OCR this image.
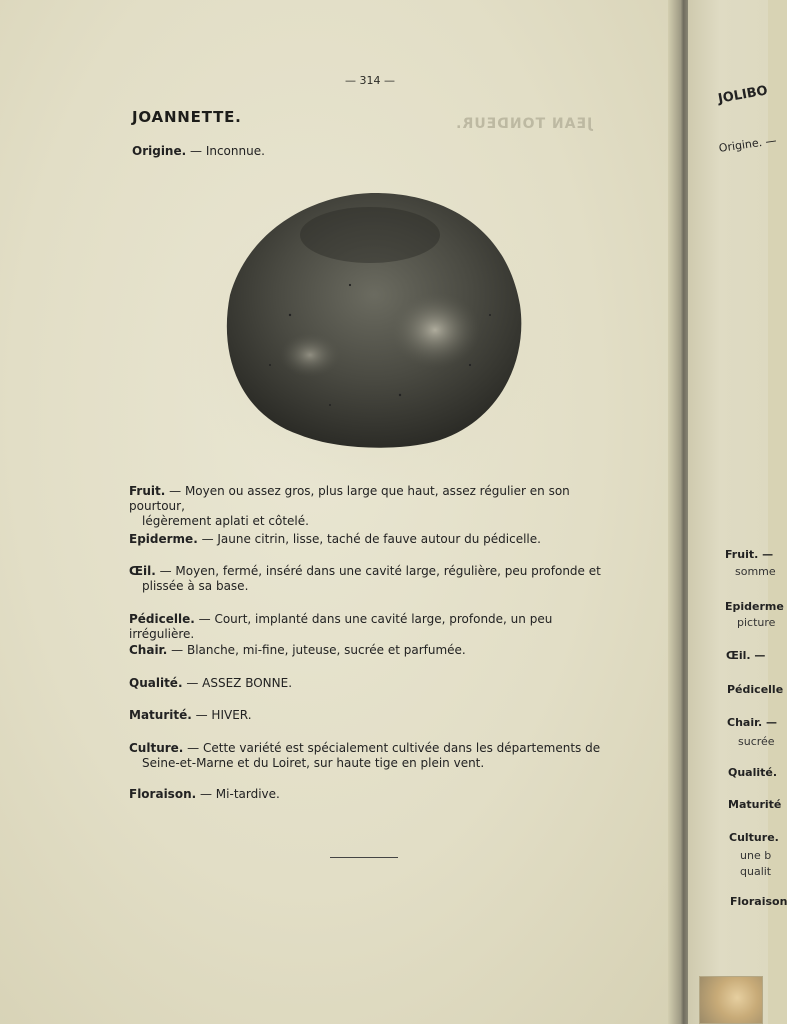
JEAN TONDEUR.
— 314 —
JOANNETTE.
Origine. — Inconnue.
Fruit. — Moyen ou assez gros, plus large que haut, assez régulier en son pourtour,
légèrement aplati et côtelé.
Epiderme. — Jaune citrin, lisse, taché de fauve autour du pédicelle.
Œil. — Moyen, fermé, inséré dans une cavité large, régulière, peu profonde et
plissée à sa base.
Pédicelle. — Court, implanté dans une cavité large, profonde, un peu irrégulière.
Chair. — Blanche, mi-fine, juteuse, sucrée et parfumée.
Qualité. — ASSEZ BONNE.
Maturité. — HIVER.
Culture. — Cette variété est spécialement cultivée dans les départements de
Seine-et-Marne et du Loiret, sur haute tige en plein vent.
Floraison. — Mi-tardive.
JOLIBO
Origine. —
Fruit. —
somme
Epiderme
picture
Œil. —
Pédicelle
Chair. —
sucrée
Qualité.
Maturité
Culture.
une b
qualit
Floraison
